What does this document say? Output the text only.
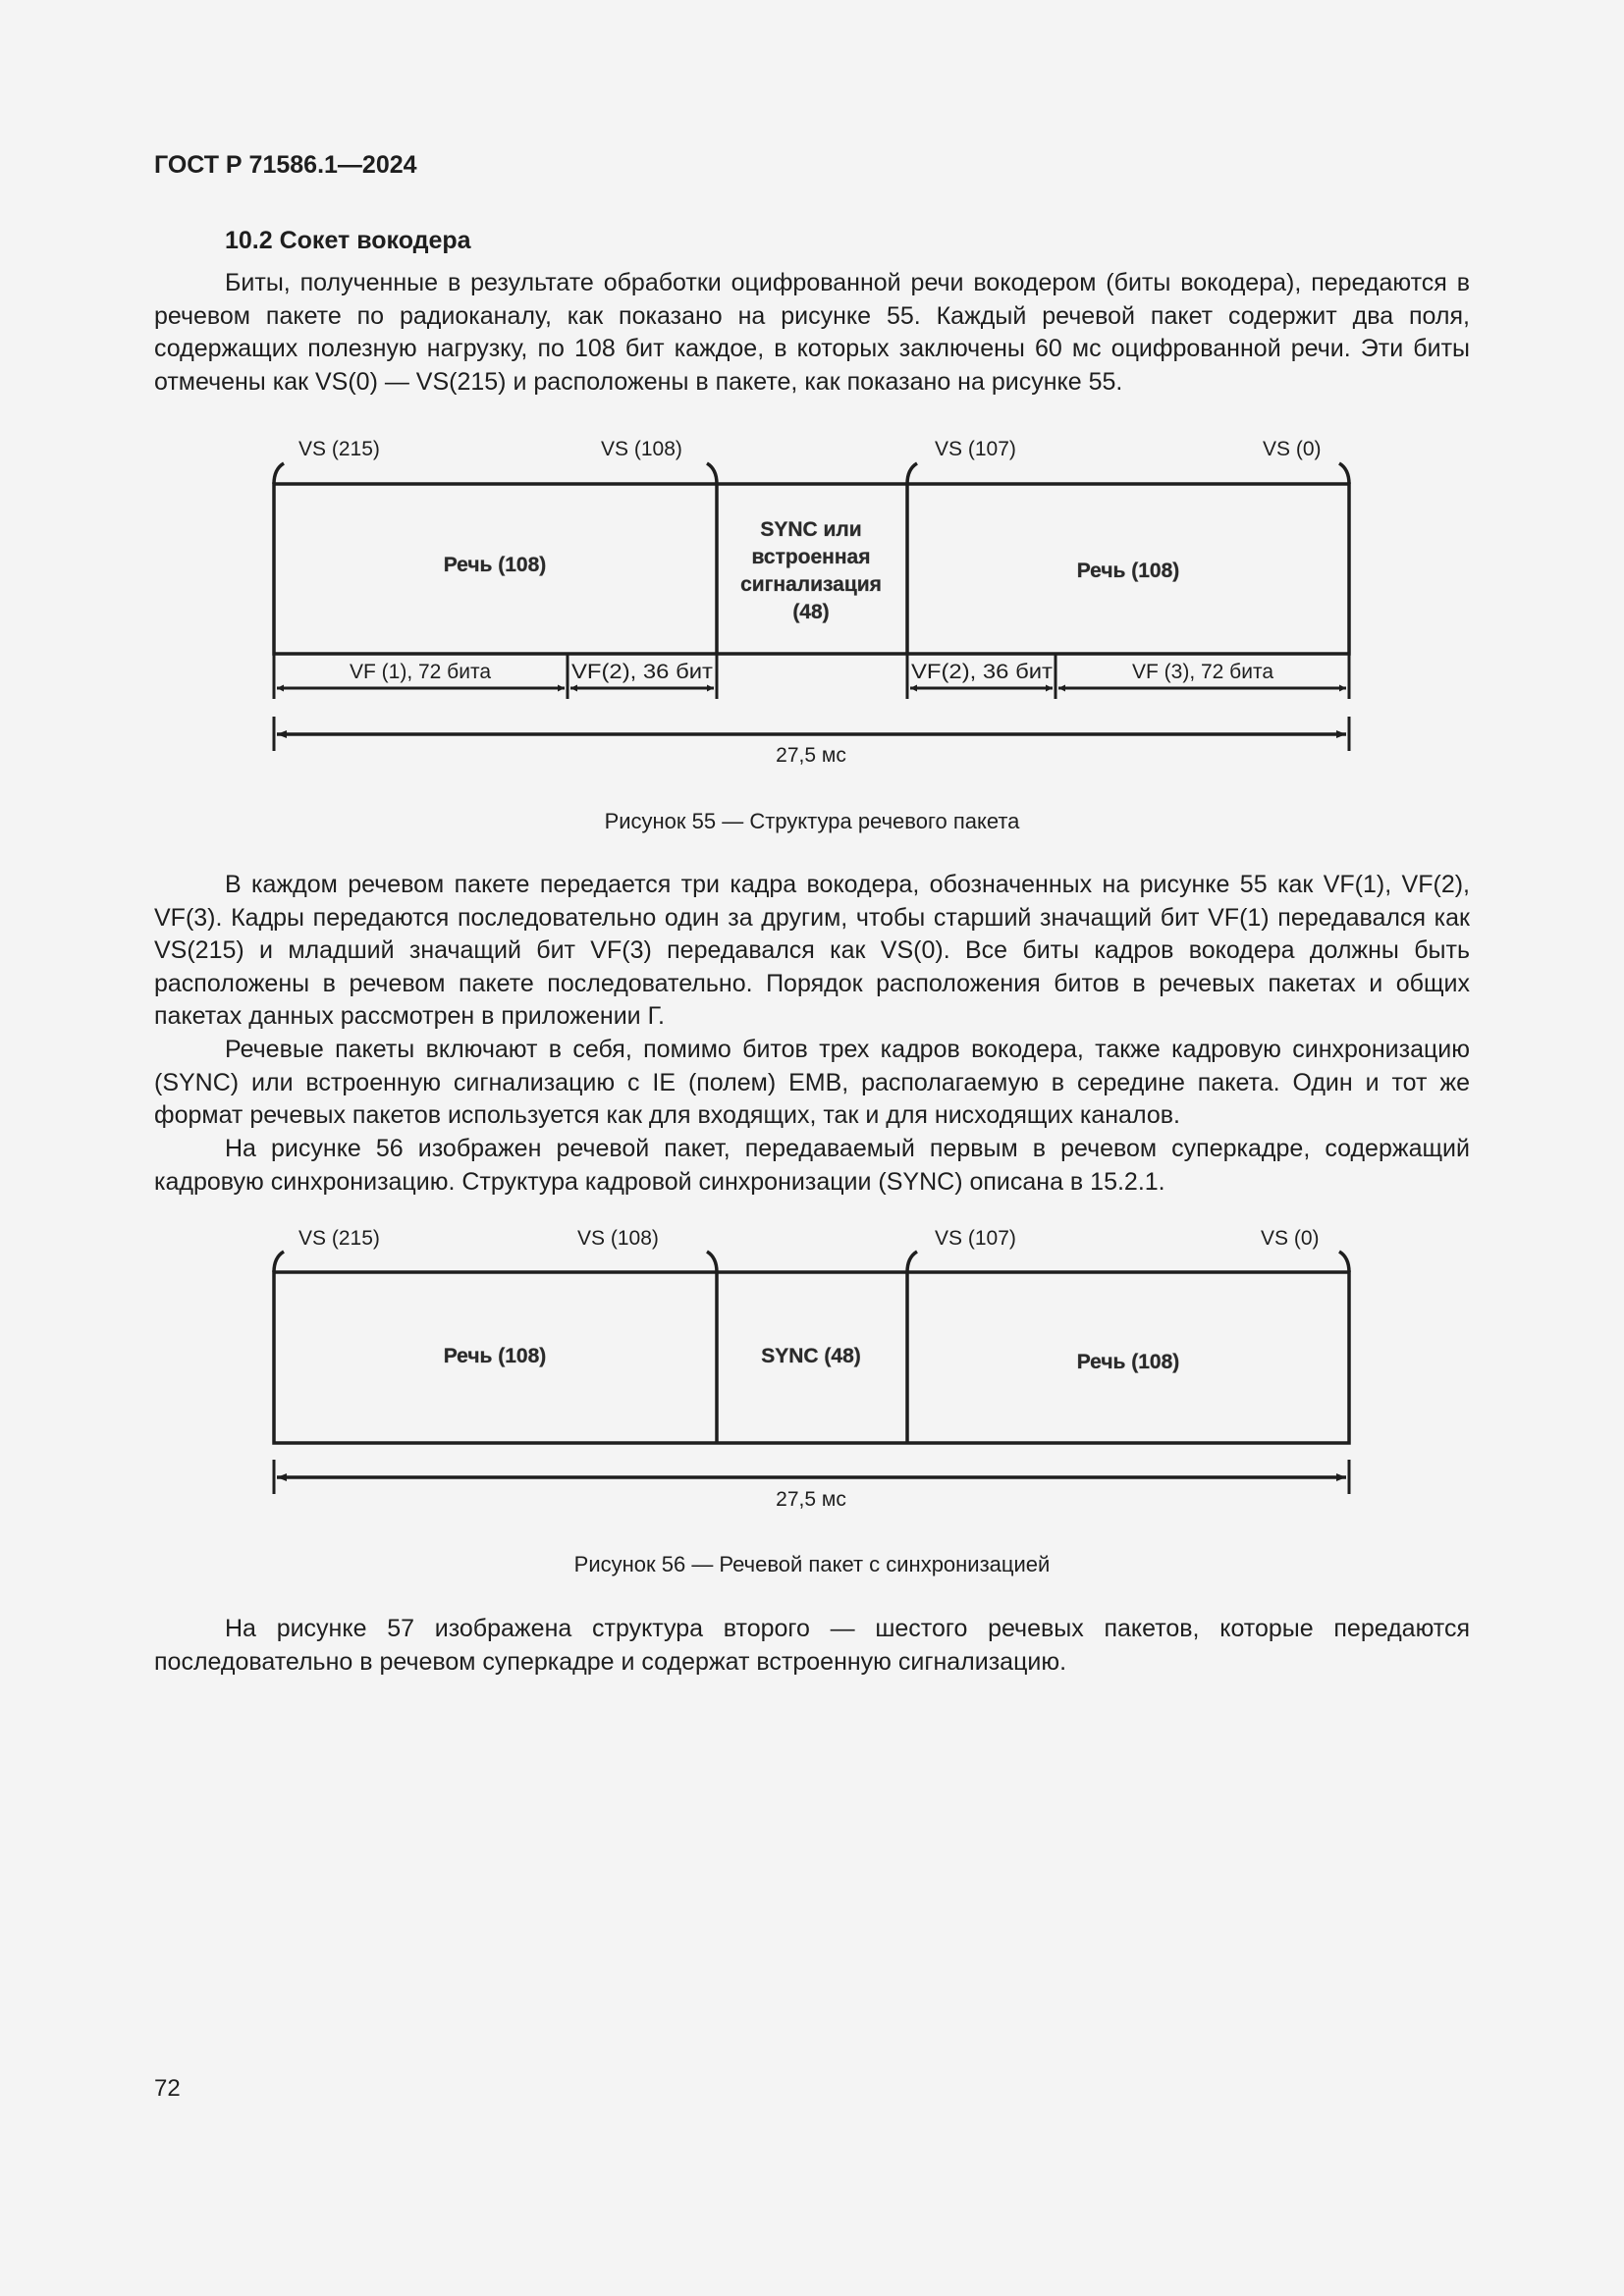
ГОСТ Р 71586.1—2024
10.2 Сокет вокодера

Биты, полученные в результате обработки оцифрованной речи вокодером (биты вокодера), передаются в речевом пакете по радиоканалу, как показано на рисунке 55. Каждый речевой пакет содержит два поля, содержащих полезную нагрузку, по 108 бит каждое, в которых заключены 60 мс оцифрованной речи. Эти биты отмечены как VS(0) — VS(215) и расположены в пакете, как показано на рисунке 55.

VS (215)	VS (108)	VS (107)	VS (0)
Речь (108)
SYNC или
встроенная
сигнализация
(48)
Речь (108)
VF (1), 72 бита	VF(2), 36 бит	VF(2), 36 бит	VF (3), 72 бита
27,5 мс
Рисунок 55 — Структура речевого пакета

В каждом речевом пакете передается три кадра вокодера, обозначенных на рисунке 55 как VF(1), VF(2), VF(3). Кадры передаются последовательно один за другим, чтобы старший значащий бит VF(1) передавался как VS(215) и младший значащий бит VF(3) передавался как VS(0). Все биты кадров вокодера должны быть расположены в речевом пакете последовательно. Порядок расположения битов в речевых пакетах и общих пакетах данных рассмотрен в приложении Г.

Речевые пакеты включают в себя, помимо битов трех кадров вокодера, также кадровую синхронизацию (SYNC) или встроенную сигнализацию с IE (полем) EMB, располагаемую в середине пакета. Один и тот же формат речевых пакетов используется как для входящих, так и для нисходящих каналов.

На рисунке 56 изображен речевой пакет, передаваемый первым в речевом суперкадре, содержащий кадровую синхронизацию. Структура кадровой синхронизации (SYNC) описана в 15.2.1.

VS (215)	VS (108)	VS (107)	VS (0)
Речь (108)	SYNC (48)	Речь (108)
27,5 мс
Рисунок 56 — Речевой пакет с синхронизацией

На рисунке 57 изображена структура второго — шестого речевых пакетов, которые передаются последовательно в речевом суперкадре и содержат встроенную сигнализацию.

72
